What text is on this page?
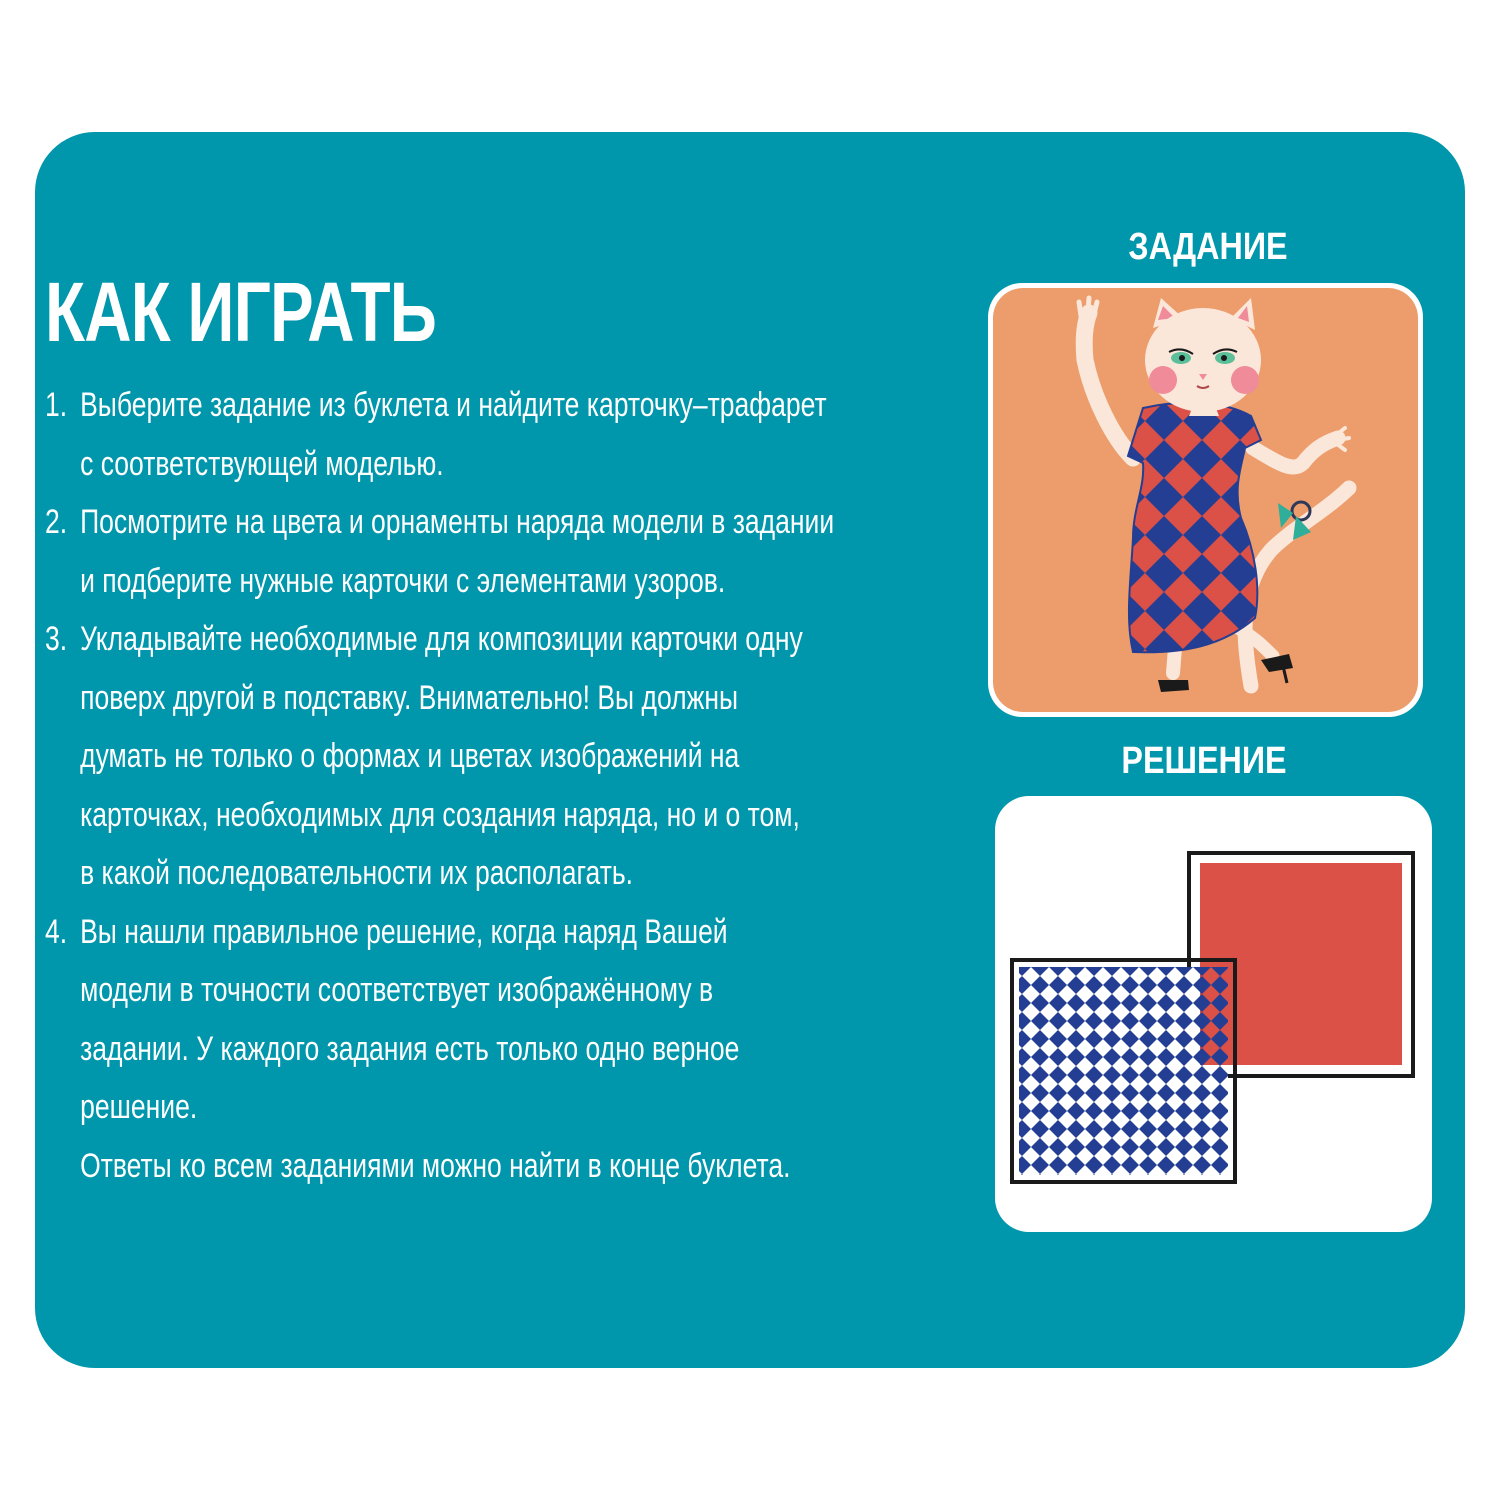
КАК ИГРАТЬ
1. Выберите задание из буклета и найдите карточку–трафарет
с соответствующей моделью.
2. Посмотрите на цвета и орнаменты наряда модели в задании
и подберите нужные карточки с элементами узоров.
3. Укладывайте необходимые для композиции карточки одну
поверх другой в подставку. Внимательно! Вы должны
думать не только о формах и цветах изображений на
карточках, необходимых для создания наряда, но и о том,
в какой последовательности их располагать.
4. Вы нашли правильное решение, когда наряд Вашей
модели в точности соответствует изображённому в
задании. У каждого задания есть только одно верное
решение.
Ответы ко всем заданиями можно найти в конце буклета.
ЗАДАНИЕ
РЕШЕНИЕ
